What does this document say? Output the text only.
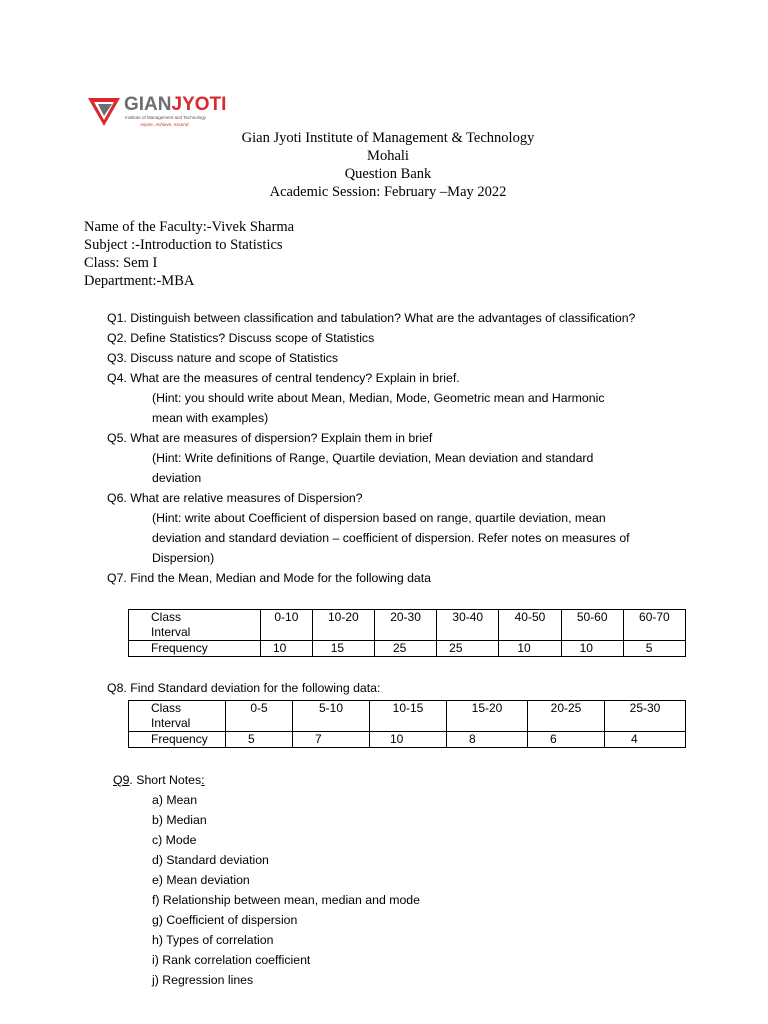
GIANJYOTI
Institute of Management and Technology
Aspire, Achieve, Ascend
Gian Jyoti Institute of Management & Technology
Mohali
Question Bank
Academic Session: February –May 2022
Name of the Faculty:-Vivek Sharma
Subject :-Introduction to Statistics
Class: Sem I
Department:-MBA
Q1. Distinguish between classification and tabulation? What are the advantages of classification?
Q2. Define Statistics? Discuss scope of Statistics
Q3. Discuss nature and scope of Statistics
Q4. What are the measures of central tendency? Explain in brief.
(Hint: you should write about Mean, Median, Mode, Geometric mean and Harmonic
mean with examples)
Q5. What are measures of dispersion? Explain them in brief
(Hint: Write definitions of Range, Quartile deviation, Mean deviation and standard
deviation
Q6. What are relative measures of Dispersion?
(Hint: write about Coefficient of dispersion based on range, quartile deviation, mean
deviation and standard deviation – coefficient of dispersion. Refer notes on measures of
Dispersion)
Q7. Find the Mean, Median and Mode for the following data
Class
Interval	0-10	10-20	20-30	30-40	40-50	50-60	60-70
Frequency	10	15	25	25	10	10	5
Q8. Find Standard deviation for the following data:
Class
Interval	0-5	5-10	10-15	15-20	20-25	25-30
Frequency	5	7	10	8	6	4
Q9. Short Notes:
a) Mean
b) Median
c) Mode
d) Standard deviation
e) Mean deviation
f) Relationship between mean, median and mode
g) Coefficient of dispersion
h) Types of correlation
i) Rank correlation coefficient
j) Regression lines
